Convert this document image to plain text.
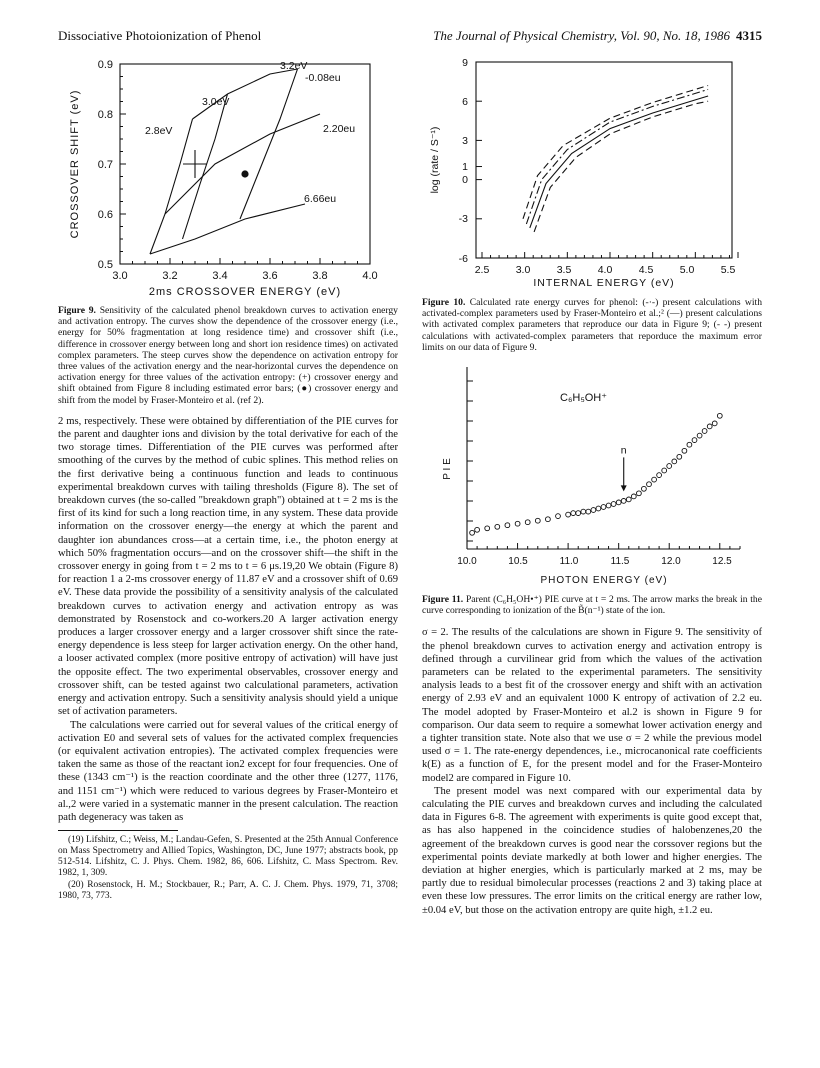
Dissociative Photoionization of Phenol	The Journal of Physical Chemistry, Vol. 90, No. 18, 1986 4315
CROSSOVER SHIFT (eV)
2ms CROSSOVER ENERGY (eV)
0.9
0.8
0.7
0.6
0.5
3.0	3.2	3.4	3.6	3.8	4.0
3.2eV
3.0eV
2.8eV
-0.08eu
2.20eu
6.66eu

Figure 9. Sensitivity of the calculated phenol breakdown curves to activation energy and activation entropy. The curves show the dependence of the crossover energy (i.e., energy for 50% fragmentation at long residence time) and crossover shift (i.e., difference in crossover energy between long and short ion residence times) on activated complex parameters. The steep curves show the dependence on activation entropy for three values of the activation energy and the near-horizontal curves the dependence on activation energy for three values of the activation entropy: (+) crossover energy and shift obtained from Figure 8 including estimated error bars; (●) crossover energy and shift from the model by Fraser-Monteiro et al. (ref 2).

2 ms, respectively. These were obtained by differentiation of the PIE curves for the parent and daughter ions and division by the total derivative for each of the two storage times. Differentiation of the PIE curves was performed after smoothing of the curves by the method of cubic splines. This method relies on the first derivative being a continuous function and leads to continuous experimental breakdown curves with tailing thresholds (Figure 8). The set of breakdown curves (the so-called "breakdown graph") obtained at t = 2 ms is the first of its kind for such a long reaction time, in any system. These data provide information on the crossover energy—the energy at which the parent and daughter ion abundances cross—at a certain time, i.e., the photon energy at which 50% fragmentation occurs—and on the crossover shift—the shift in the crossover energy in going from t = 2 ms to t = 6 μs.19,20 We obtain (Figure 8) for reaction 1 a 2-ms crossover energy of 11.87 eV and a crossover shift of 0.69 eV. These data provide the possibility of a sensitivity analysis of the calculated breakdown curves to activation energy and activation entropy as was demonstrated by Rosenstock and co-workers.20 A larger activation energy produces a larger crossover energy and a larger crossover shift since the rate-energy dependence is less steep for larger activation energy. On the other hand, a looser activated complex (more positive entropy of activation) will have just the opposite effect. The two experimental observables, crossover energy and crossover shift, can be tested against two calculational parameters, activation energy and activation entropy. Such a sensitivity analysis should yield a unique set of activation parameters.

The calculations were carried out for several values of the critical energy of activation E0 and several sets of values for the activated complex frequencies (or equivalent activation entropies). The activated complex frequencies were taken the same as those of the reactant ion2 except for four frequencies. One of these (1343 cm⁻¹) is the reaction coordinate and the other three (1277, 1176, and 1151 cm⁻¹) which were reduced to various degrees by Fraser-Monteiro et al.,2 were varied in a systematic manner in the present calculation. The reaction path degeneracy was taken as

(19) Lifshitz, C.; Weiss, M.; Landau-Gefen, S. Presented at the 25th Annual Conference on Mass Spectrometry and Allied Topics, Washington, DC, June 1977; abstracts book, pp 512-514. Lifshitz, C. J. Phys. Chem. 1982, 86, 606. Lifshitz, C. Mass Spectrom. Rev. 1982, 1, 309.

(20) Rosenstock, H. M.; Stockbauer, R.; Parr, A. C. J. Chem. Phys. 1979, 71, 3708; 1980, 73, 773.

log (rate / S⁻¹)
INTERNAL ENERGY (eV)
9
6
3
1
0
-3
-6
2.5	3.0	3.5	4.0	4.5	5.0	5.5

Figure 10. Calculated rate energy curves for phenol: (-·-) present calculations with activated-complex parameters used by Fraser-Monteiro et al.;² (—) present calculations with activated complex parameters that reproduce our data in Figure 9; (- -) present calculations with activated-complex parameters that reporduce the maximum error limits on our data of Figure 9.

P I E
C₆H₅OH⁺
PHOTON ENERGY (eV)
10.0	10.5	11.0	11.5	12.0	12.5
n

Figure 11. Parent (C₆H₅OH•⁺) PIE curve at t = 2 ms. The arrow marks the break in the curve corresponding to ionization of the B̃(n⁻¹) state of the ion.

σ = 2. The results of the calculations are shown in Figure 9. The sensitivity of the phenol breakdown curves to activation energy and activation entropy is defined through a curvilinear grid from which the values of the activation parameters can be related to the experimental parameters. The sensitivity analysis leads to a best fit of the crossover energy and shift with an activation energy of 2.93 eV and an equivalent 1000 K entropy of activation of 2.2 eu. The model adopted by Fraser-Monteiro et al.2 is shown in Figure 9 for comparison. Our data seem to require a somewhat lower activation energy and a tighter transition state. Note also that we use σ = 2 while the previous model used σ = 1. The rate-energy dependences, i.e., microcanonical rate coefficients k(E) as a function of E, for the present model and for the Fraser-Monteiro model2 are compared in Figure 10.

The present model was next compared with our experimental data by calculating the PIE curves and breakdown curves and including the calculated data in Figures 6-8. The agreement with experiments is quite good except that, as has also happened in the coincidence studies of halobenzenes,20 the agreement of the breakdown curves is good near the corssover regions but the experimental points deviate markedly at both lower and higher energies. The deviation at higher energies, which is particularly marked at 2 ms, may be partly due to residual bimolecular processes (reactions 2 and 3) taking place at even these low pressures. The error limits on the critical energy are rather low, ±0.04 eV, but those on the activation entropy are quite high, ±1.2 eu.
